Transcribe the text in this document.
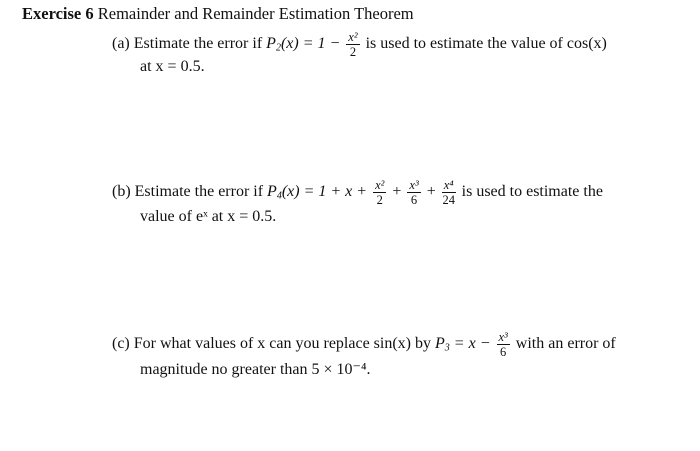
Exercise 6 Remainder and Remainder Estimation Theorem
(a) Estimate the error if $P_2(x) = 1 - \frac{\text{x²}}{2}$ is used to estimate the value of cos(x)
at x = 0.5.
(b) Estimate the error if $P_4(x) = 1 + x + \frac{\text{x²}}{2} + \frac{\text{x³}}{6} + \frac{\text{x⁴}}{24}$ is used to estimate the
value of eˣ at x = 0.5.
(c) For what values of x can you replace sin(x) by $P_3 = x - \frac{\text{x³}}{6}$ with an error of
magnitude no greater than 5 × 10⁻⁴.
